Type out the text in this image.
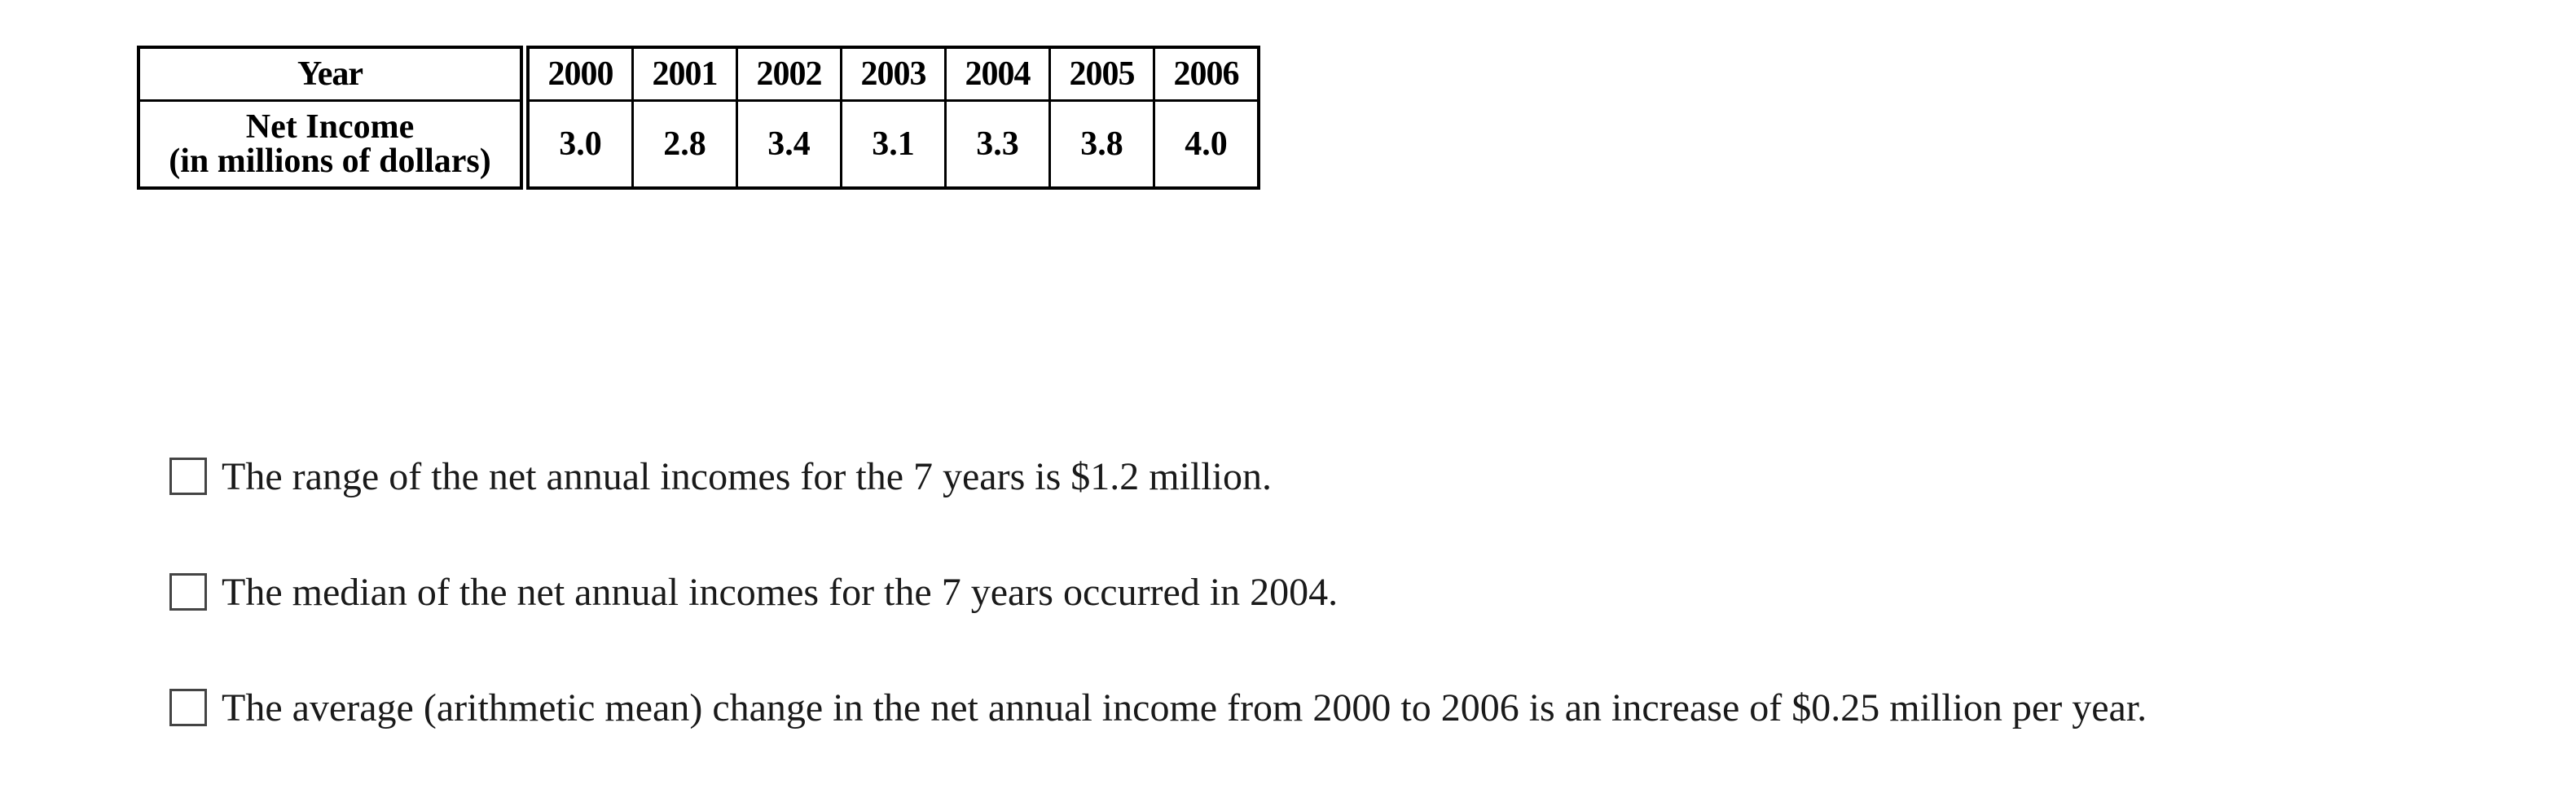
Year	2000	2001	2002	2003	2004	2005	2006

Net Income
(in millions of dollars)	3.0	2.8	3.4	3.1	3.3	3.8	4.0
The range of the net annual incomes for the 7 years is $1.2 million.
The median of the net annual incomes for the 7 years occurred in 2004.
The average (arithmetic mean) change in the net annual income from 2000 to 2006 is an increase of $0.25 million per year.
